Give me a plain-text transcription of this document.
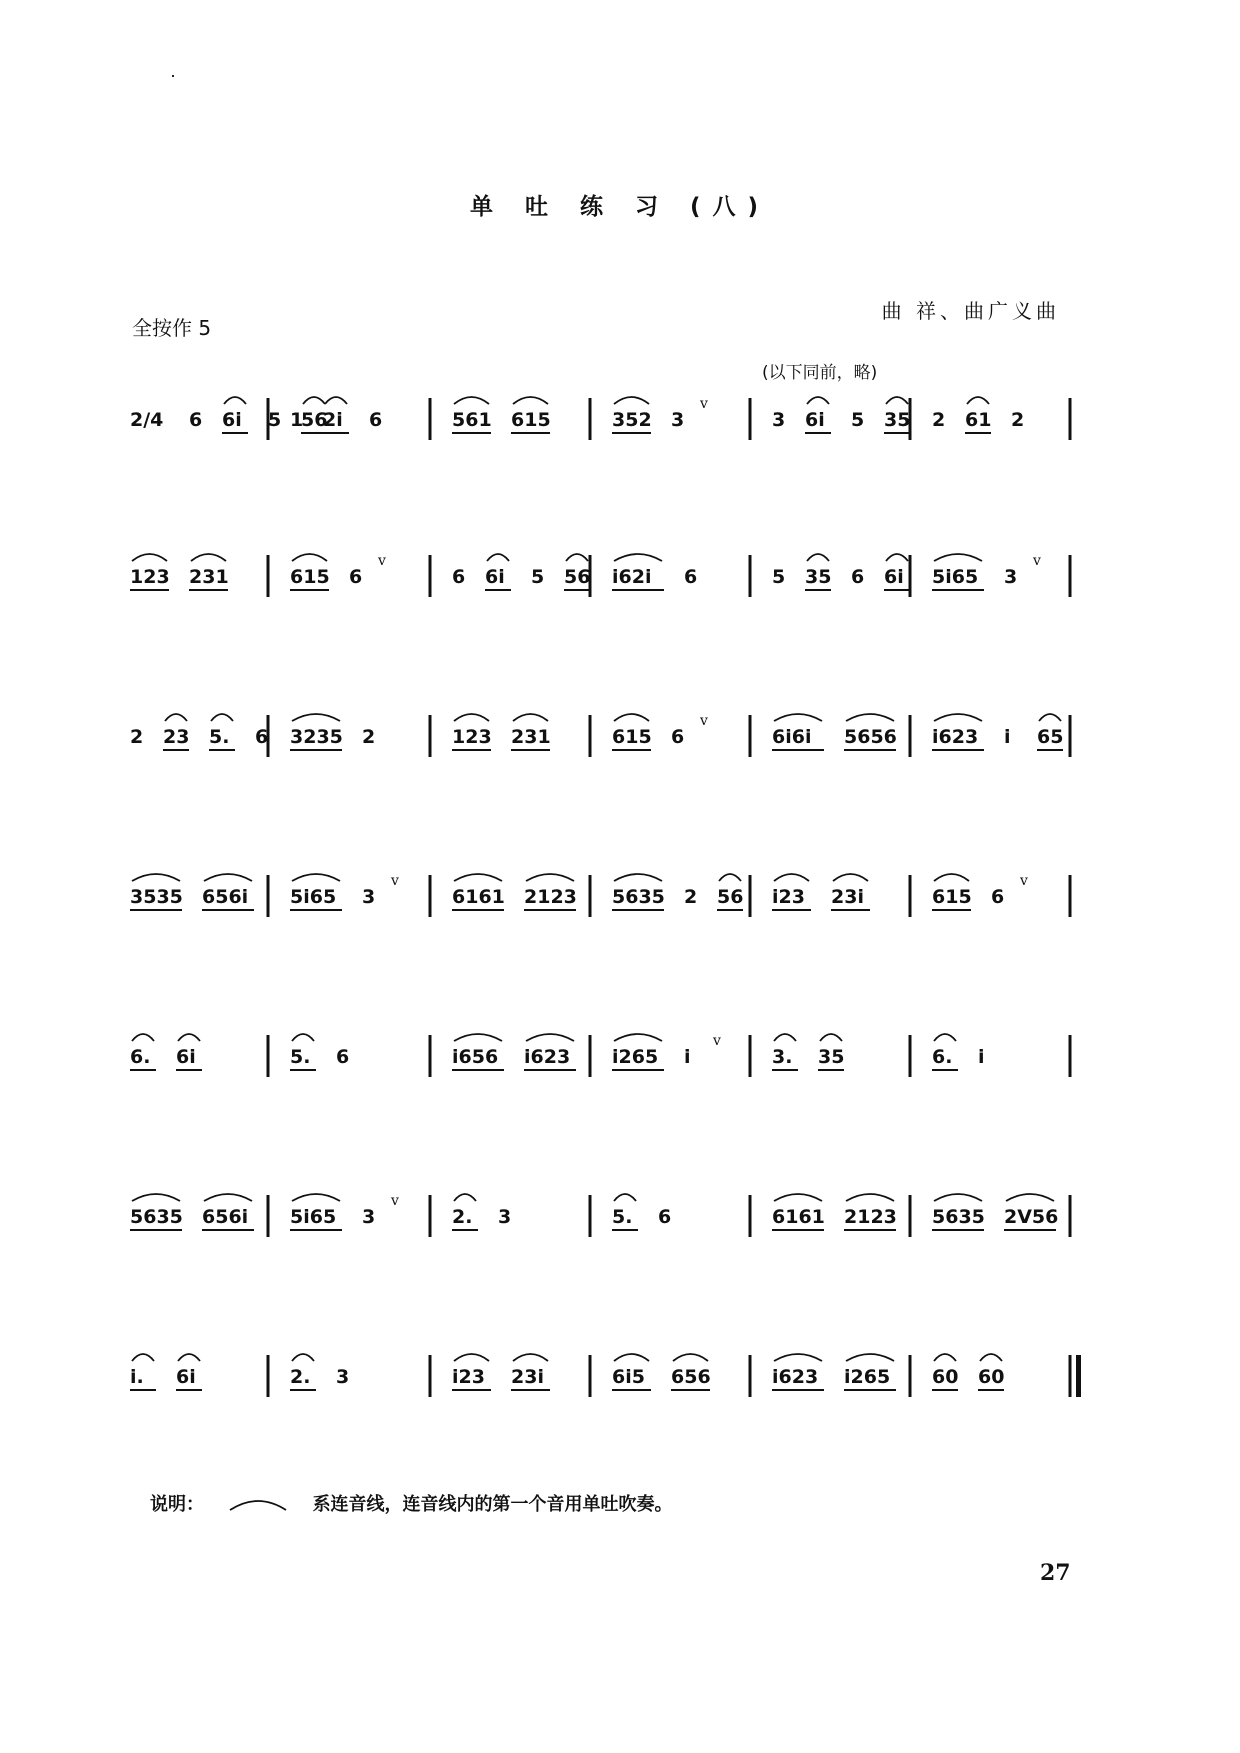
单 吐 练 习 (八)
曲 祥、曲广义曲
全按作 5
(以下同前，略)
2/4 6 6i 5 56
1 2i 6	561 615	352 3
v
3 6i 5 35 2 61 2
123 231	615 6
v
6 6i 5 56 i62i 6	5 35 6 6i 5i65 3
v
2 23 5. 6 3235 2	123 231	615 6
v
6i6i 5656 i623 i 65
3535 656i 5i65 3
v
6161 2123 5635 2 56 i23 23i	615 6
v
6. 6i	5. 6	i656 i623 i265 i
v
3. 35	6. i
5635 656i 5i65 3
v
2. 3	5. 6	6161 2123 5635 2V56
i. 6i	2. 3	i23 23i	6i5 656	i623 i265 60 60
说明：	系连音线，连音线内的第一个音用单吐吹奏。
27
